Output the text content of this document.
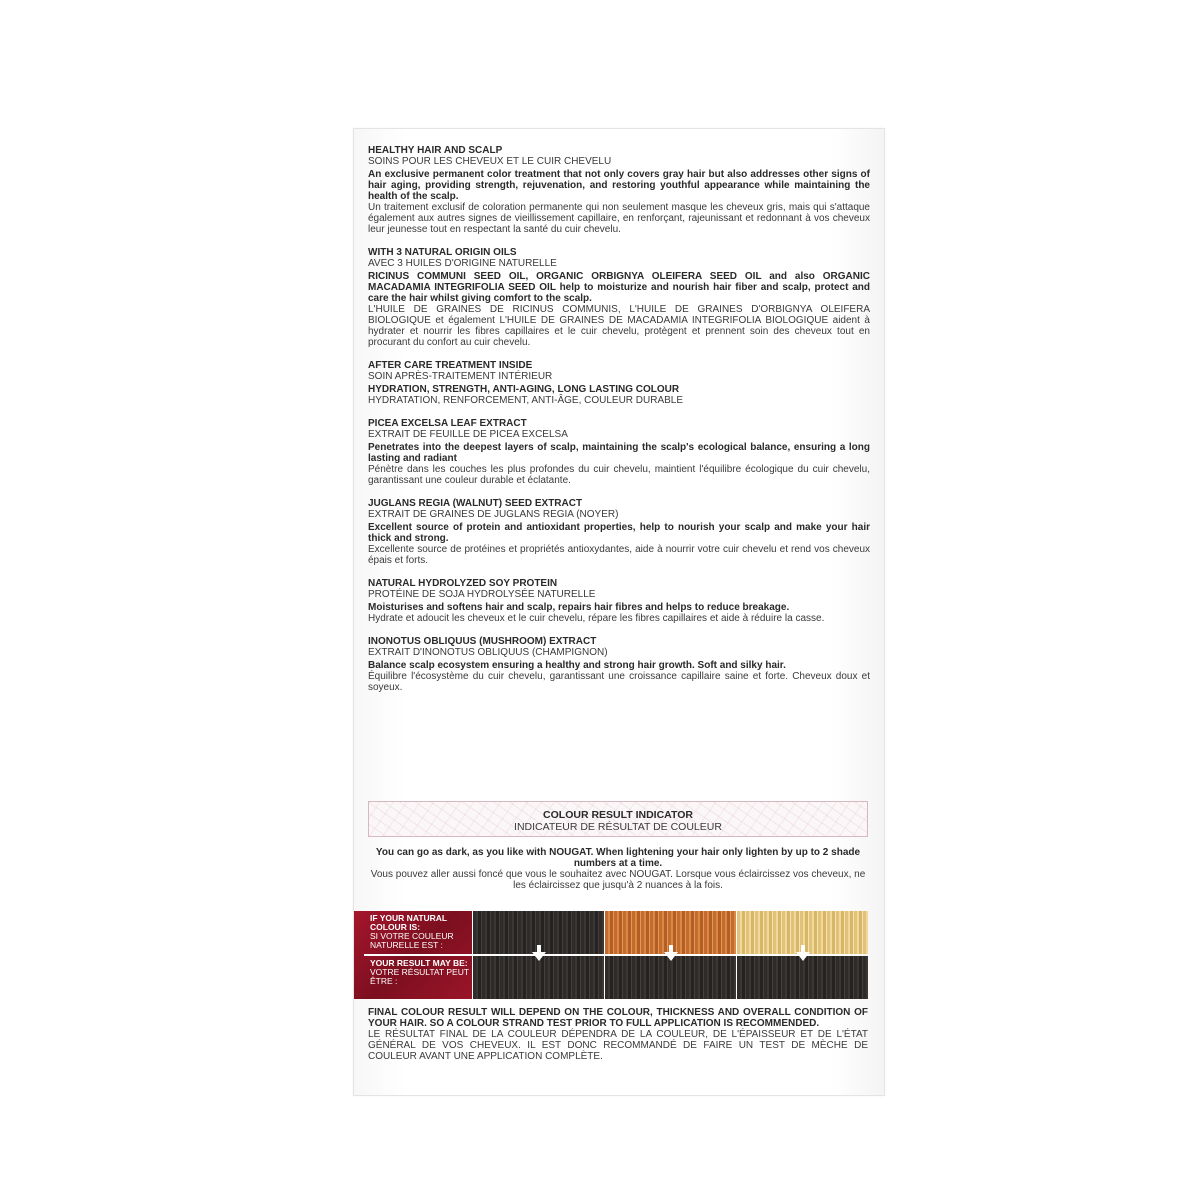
HEALTHY HAIR AND SCALP
SOINS POUR LES CHEVEUX ET LE CUIR CHEVELU
An exclusive permanent color treatment that not only covers gray hair but also addresses other signs of hair aging, providing strength, rejuvenation, and restoring youthful appearance while maintaining the health of the scalp.
Un traitement exclusif de coloration permanente qui non seulement masque les cheveux gris, mais qui s'attaque également aux autres signes de vieillissement capillaire, en renforçant, rajeunissant et redonnant à vos cheveux leur jeunesse tout en respectant la santé du cuir chevelu.
WITH 3 NATURAL ORIGIN OILS
AVEC 3 HUILES D'ORIGINE NATURELLE
RICINUS COMMUNI SEED OIL, ORGANIC ORBIGNYA OLEIFERA SEED OIL and also ORGANIC MACADAMIA INTEGRIFOLIA SEED OIL help to moisturize and nourish hair fiber and scalp, protect and care the hair whilst giving comfort to the scalp.
L'HUILE DE GRAINES DE RICINUS COMMUNIS, L'HUILE DE GRAINES D'ORBIGNYA OLEIFERA BIOLOGIQUE et également L'HUILE DE GRAINES DE MACADAMIA INTEGRIFOLIA BIOLOGIQUE aident à hydrater et nourrir les fibres capillaires et le cuir chevelu, protègent et prennent soin des cheveux tout en procurant du confort au cuir chevelu.
AFTER CARE TREATMENT INSIDE
SOIN APRÈS-TRAITEMENT INTÉRIEUR
HYDRATION, STRENGTH, ANTI-AGING, LONG LASTING COLOUR
HYDRATATION, RENFORCEMENT, ANTI-ÂGE, COULEUR DURABLE
PICEA EXCELSA LEAF EXTRACT
EXTRAIT DE FEUILLE DE PICEA EXCELSA
Penetrates into the deepest layers of scalp, maintaining the scalp's ecological balance, ensuring a long lasting and radiant
Pénètre dans les couches les plus profondes du cuir chevelu, maintient l'équilibre écologique du cuir chevelu, garantissant une couleur durable et éclatante.
JUGLANS REGIA (WALNUT) SEED EXTRACT
EXTRAIT DE GRAINES DE JUGLANS REGIA (NOYER)
Excellent source of protein and antioxidant properties, help to nourish your scalp and make your hair thick and strong.
Excellente source de protéines et propriétés antioxydantes, aide à nourrir votre cuir chevelu et rend vos cheveux épais et forts.
NATURAL HYDROLYZED SOY PROTEIN
PROTÉINE DE SOJA HYDROLYSÉE NATURELLE
Moisturises and softens hair and scalp, repairs hair fibres and helps to reduce breakage.
Hydrate et adoucit les cheveux et le cuir chevelu, répare les fibres capillaires et aide à réduire la casse.
INONOTUS OBLIQUUS (MUSHROOM) EXTRACT
EXTRAIT D'INONOTUS OBLIQUUS (CHAMPIGNON)
Balance scalp ecosystem ensuring a healthy and strong hair growth. Soft and silky hair.
Équilibre l'écosystème du cuir chevelu, garantissant une croissance capillaire saine et forte. Cheveux doux et soyeux.
COLOUR RESULT INDICATOR
INDICATEUR DE RÉSULTAT DE COULEUR
You can go as dark, as you like with NOUGAT. When lightening your hair only lighten by up to 2 shade numbers at a time.
Vous pouvez aller aussi foncé que vous le souhaitez avec NOUGAT. Lorsque vous éclaircissez vos cheveux, ne les éclaircissez que jusqu'à 2 nuances à la fois.
IF YOUR NATURAL COLOUR IS:
SI VOTRE COULEUR NATURELLE EST :
YOUR RESULT MAY BE:
VOTRE RÉSULTAT PEUT ÊTRE :
FINAL COLOUR RESULT WILL DEPEND ON THE COLOUR, THICKNESS AND OVERALL CONDITION OF YOUR HAIR. SO A COLOUR STRAND TEST PRIOR TO FULL APPLICATION IS RECOMMENDED.
LE RÉSULTAT FINAL DE LA COULEUR DÉPENDRA DE LA COULEUR, DE L'ÉPAISSEUR ET DE L'ÉTAT GÉNÉRAL DE VOS CHEVEUX. IL EST DONC RECOMMANDÉ DE FAIRE UN TEST DE MÈCHE DE COULEUR AVANT UNE APPLICATION COMPLÈTE.
